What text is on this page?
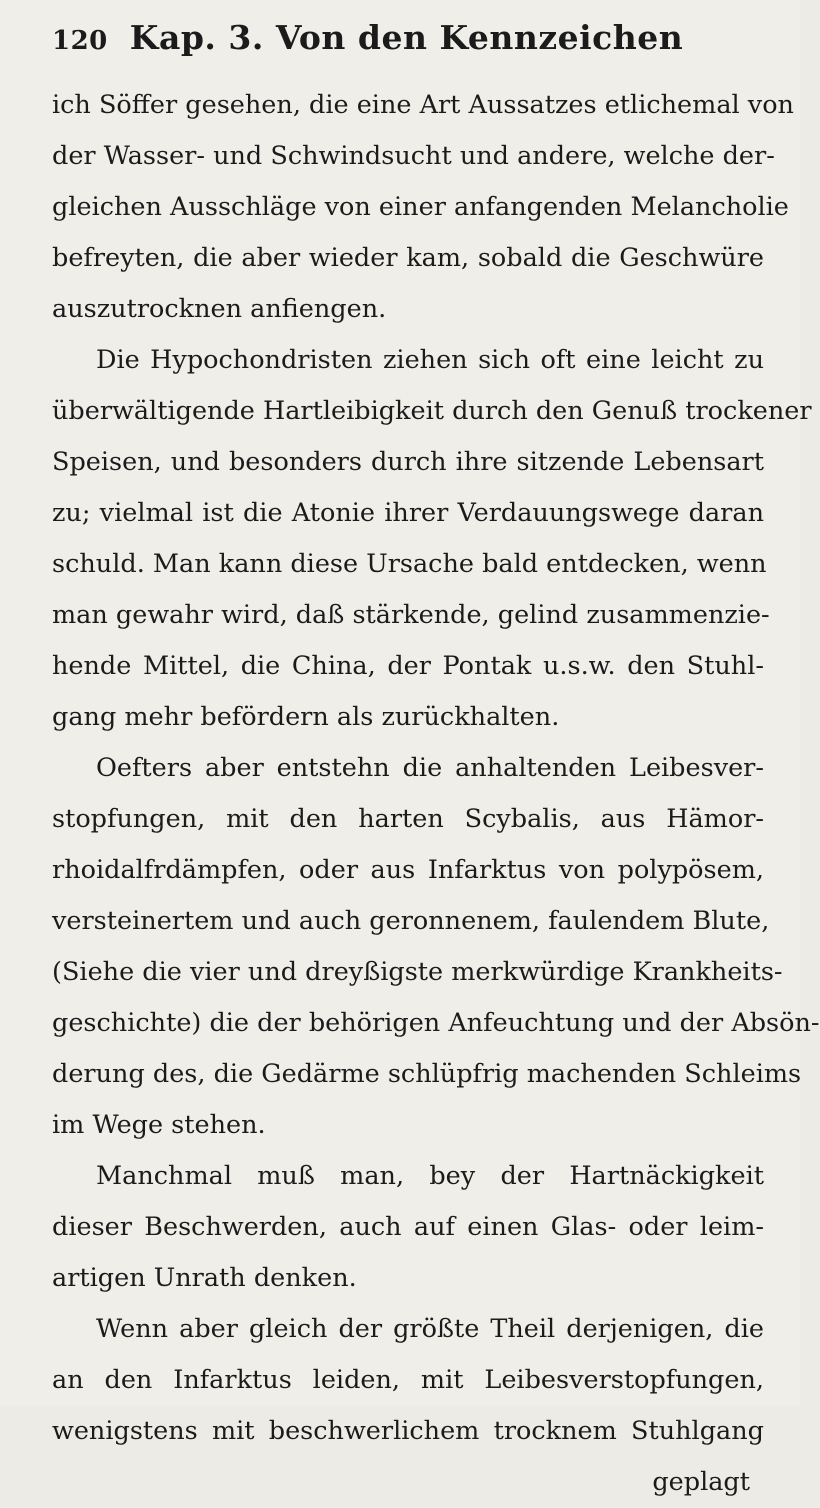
120 Kap. 3. Von den Kennzeichen
ich Söffer gesehen, die eine Art Aussatzes etlichemal von
der Wasser- und Schwindsucht und andere, welche der-
gleichen Ausschläge von einer anfangenden Melancholie
befreyten, die aber wieder kam, sobald die Geschwüre
auszutrocknen anfiengen.
Die Hypochondristen ziehen sich oft eine leicht zu
überwältigende Hartleibigkeit durch den Genuß trockener
Speisen, und besonders durch ihre sitzende Lebensart
zu; vielmal ist die Atonie ihrer Verdauungswege daran
schuld. Man kann diese Ursache bald entdecken, wenn
man gewahr wird, daß stärkende, gelind zusammenzie-
hende Mittel, die China, der Pontak u.s.w. den Stuhl-
gang mehr befördern als zurückhalten.
Oefters aber entstehn die anhaltenden Leibesver-
stopfungen, mit den harten Scybalis, aus Hämor-
rhoidalfrdämpfen, oder aus Infarktus von polypösem,
versteinertem und auch geronnenem, faulendem Blute,
(Siehe die vier und dreyßigste merkwürdige Krankheits-
geschichte) die der behörigen Anfeuchtung und der Absön-
derung des, die Gedärme schlüpfrig machenden Schleims
im Wege stehen.
Manchmal muß man, bey der Hartnäckigkeit
dieser Beschwerden, auch auf einen Glas- oder leim-
artigen Unrath denken.
Wenn aber gleich der größte Theil derjenigen, die
an den Infarktus leiden, mit Leibesverstopfungen,
wenigstens mit beschwerlichem trocknem Stuhlgang
geplagt
